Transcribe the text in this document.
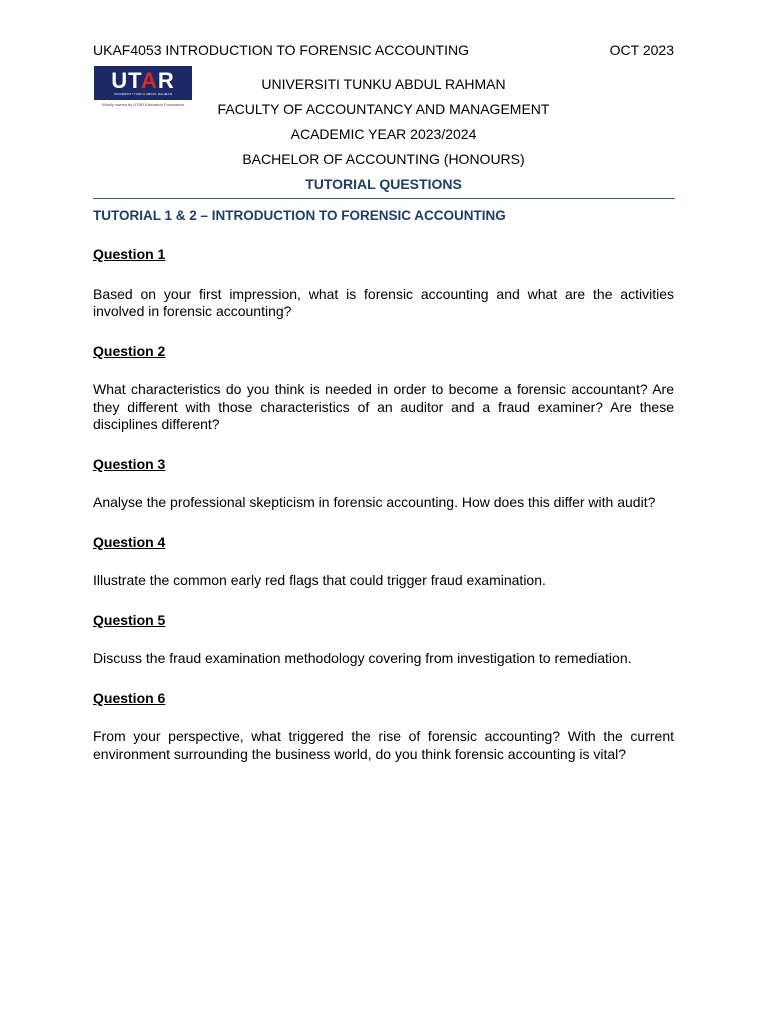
UKAF4053 INTRODUCTION TO FORENSIC ACCOUNTING	OCT 2023
UTAR
UNIVERSITI TUNKU ABDUL RAHMAN
Wholly owned by UTAR Education Foundation
UNIVERSITI TUNKU ABDUL RAHMAN
FACULTY OF ACCOUNTANCY AND MANAGEMENT
ACADEMIC YEAR 2023/2024
BACHELOR OF ACCOUNTING (HONOURS)
TUTORIAL QUESTIONS

TUTORIAL 1 & 2 – INTRODUCTION TO FORENSIC ACCOUNTING

Question 1

Based on your first impression, what is forensic accounting and what are the activities involved in forensic accounting?

Question 2

What characteristics do you think is needed in order to become a forensic accountant? Are they different with those characteristics of an auditor and a fraud examiner? Are these disciplines different?

Question 3

Analyse the professional skepticism in forensic accounting. How does this differ with audit?

Question 4

Illustrate the common early red flags that could trigger fraud examination.

Question 5

Discuss the fraud examination methodology covering from investigation to remediation.

Question 6

From your perspective, what triggered the rise of forensic accounting? With the current environment surrounding the business world, do you think forensic accounting is vital?
